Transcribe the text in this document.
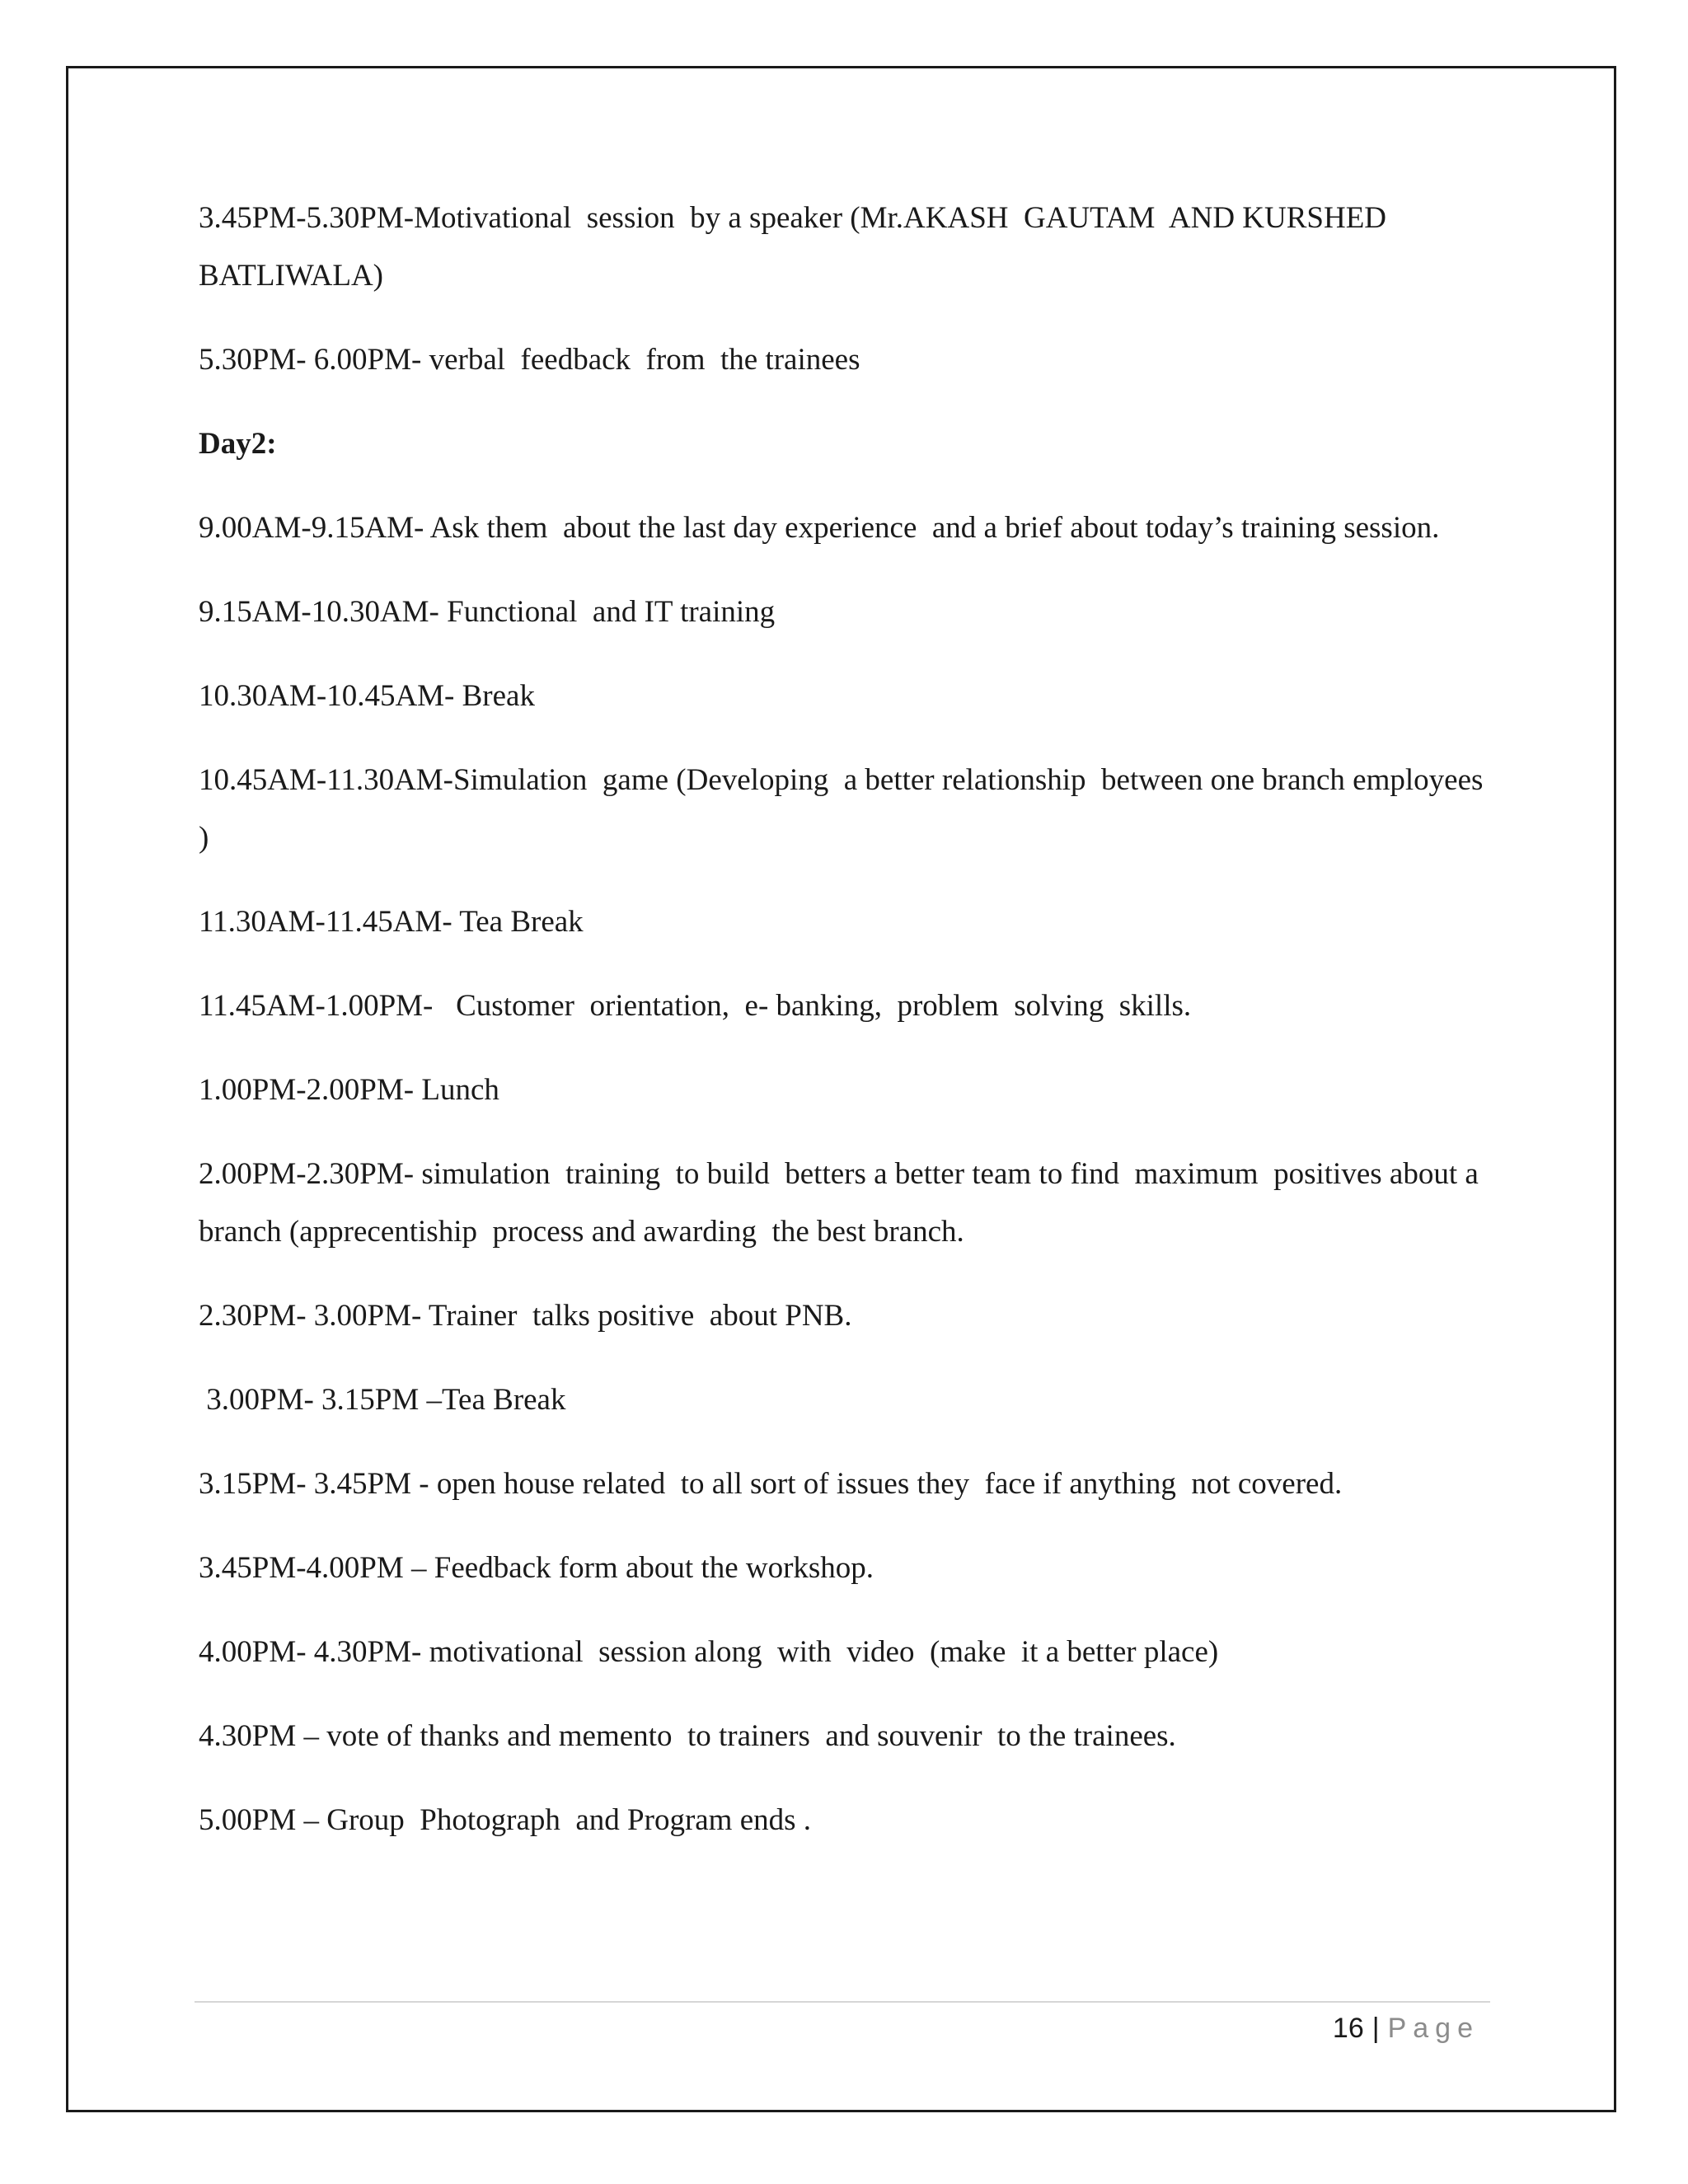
3.45PM-5.30PM-Motivational  session  by a speaker (Mr.AKASH  GAUTAM  AND KURSHED BATLIWALA)

5.30PM- 6.00PM- verbal  feedback  from  the trainees

Day2:

9.00AM-9.15AM- Ask them  about the last day experience  and a brief about today’s training session.

9.15AM-10.30AM- Functional  and IT training

10.30AM-10.45AM- Break

10.45AM-11.30AM-Simulation  game (Developing  a better relationship  between one branch employees  )

11.30AM-11.45AM- Tea Break

11.45AM-1.00PM-   Customer  orientation,  e- banking,  problem  solving  skills.

1.00PM-2.00PM- Lunch

2.00PM-2.30PM- simulation  training  to build  betters a better team to find  maximum  positives about a branch (apprecentiship  process and awarding  the best branch.

2.30PM- 3.00PM- Trainer  talks positive  about PNB.

3.00PM- 3.15PM –Tea Break

3.15PM- 3.45PM - open house related  to all sort of issues they  face if anything  not covered.

3.45PM-4.00PM – Feedback form about the workshop.

4.00PM- 4.30PM- motivational  session along  with  video  (make  it a better place)

4.30PM – vote of thanks and memento  to trainers  and souvenir  to the trainees.

5.00PM – Group  Photograph  and Program ends .

16 | Page
